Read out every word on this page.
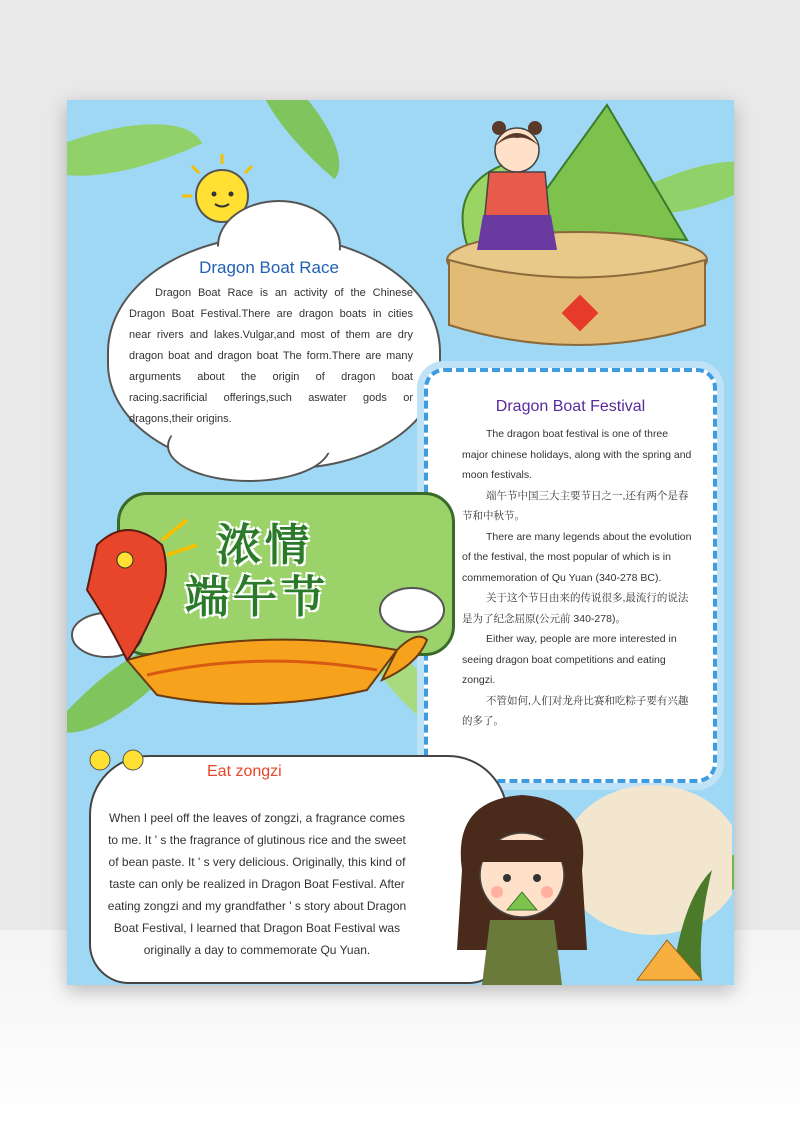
Dragon Boat Race
Dragon Boat Race is an activity of the Chinese Dragon Boat Festival.There are dragon boats in cities near rivers and lakes.Vulgar,and most of them are dry dragon boat and dragon boat The form.There are many arguments about the origin of dragon boat racing.sacrificial offerings,such aswater gods or dragons,their origins.
Dragon Boat Festival

The dragon boat festival is one of three major chinese holidays, along with the spring and moon festivals.

端午节中国三大主要节日之一,还有两个是春节和中秋节。

There are many legends about the evolution of the festival, the most popular of which is in commemoration of Qu Yuan (340-278 BC).

关于这个节日由来的传说很多,最流行的说法是为了纪念屈原(公元前 340-278)。

Either way, people are more interested in seeing dragon boat competitions and eating zongzi.

不管如何,人们对龙舟比赛和吃粽子要有兴趣的多了。

浓情
端午节
Eat zongzi
When I peel off the leaves of zongzi, a fragrance comes to me. It ' s the fragrance of glutinous rice and the sweet of bean paste. It ' s very delicious. Originally, this kind of taste can only be realized in Dragon Boat Festival. After eating zongzi and my grandfather ' s story about Dragon Boat Festival, I learned that Dragon Boat Festival was originally a day to commemorate Qu Yuan.
